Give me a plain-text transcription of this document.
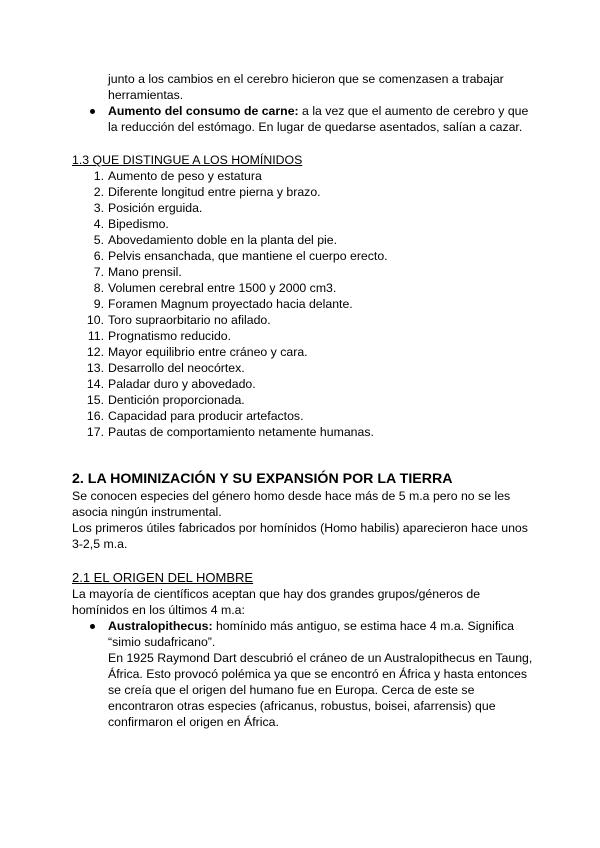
junto a los cambios en el cerebro hicieron que se comenzasen a trabajar
herramientas.
Aumento del consumo de carne: a la vez que el aumento de cerebro y que
la reducción del estómago. En lugar de quedarse asentados, salían a cazar.
1.3 QUE DISTINGUE A LOS HOMÍNIDOS
1. Aumento de peso y estatura
2. Diferente longitud entre pierna y brazo.
3. Posición erguida.
4. Bipedismo.
5. Abovedamiento doble en la planta del pie.
6. Pelvis ensanchada, que mantiene el cuerpo erecto.
7. Mano prensil.
8. Volumen cerebral entre 1500 y 2000 cm3.
9. Foramen Magnum proyectado hacia delante.
10. Toro supraorbitario no afilado.
11. Prognatismo reducido.
12. Mayor equilibrio entre cráneo y cara.
13. Desarrollo del neocórtex.
14. Paladar duro y abovedado.
15. Dentición proporcionada.
16. Capacidad para producir artefactos.
17. Pautas de comportamiento netamente humanas.
2. LA HOMINIZACIÓN Y SU EXPANSIÓN POR LA TIERRA
Se conocen especies del género homo desde hace más de 5 m.a pero no se les
asocia ningún instrumental.
Los primeros útiles fabricados por homínidos (Homo habilis) aparecieron hace unos
3-2,5 m.a.
2.1 EL ORIGEN DEL HOMBRE
La mayoría de científicos aceptan que hay dos grandes grupos/géneros de
homínidos en los últimos 4 m.a:
Australopithecus: homínido más antiguo, se estima hace 4 m.a. Significa
“simio sudafricano”.
En 1925 Raymond Dart descubrió el cráneo de un Australopithecus en Taung,
África. Esto provocó polémica ya que se encontró en África y hasta entonces
se creía que el origen del humano fue en Europa. Cerca de este se
encontraron otras especies (africanus, robustus, boisei, afarrensis) que
confirmaron el origen en África.
